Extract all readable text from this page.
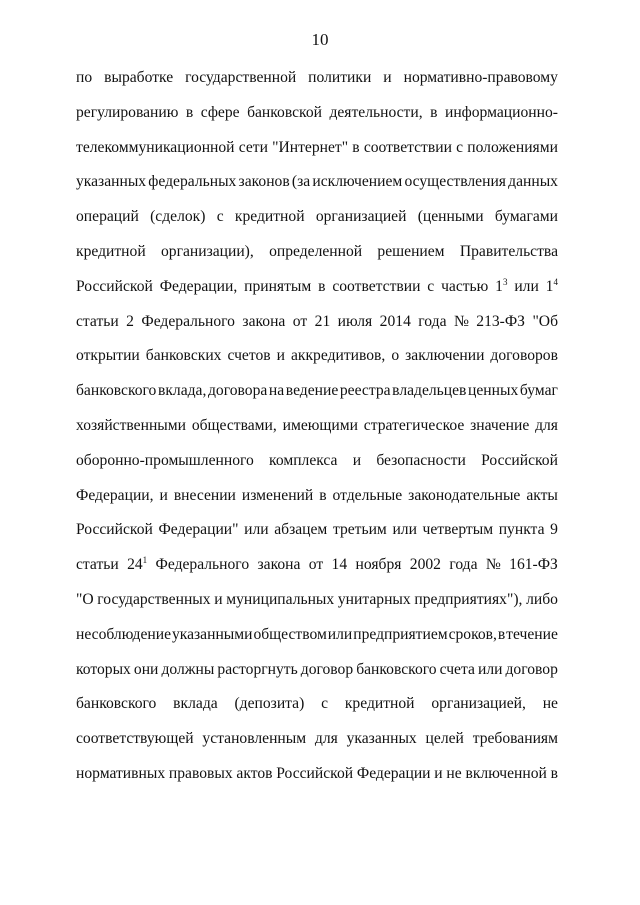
10
по выработке государственной политики и нормативно-правовому
регулированию в сфере банковской деятельности, в информационно-
телекоммуникационной сети "Интернет" в соответствии с положениями
указанных федеральных законов (за исключением осуществления данных
операций (сделок) с кредитной организацией (ценными бумагами
кредитной организации), определенной решением Правительства
Российской Федерации, принятым в соответствии с частью $1^3$ или $1^4$
статьи 2 Федерального закона от 21 июля 2014 года № 213-ФЗ "Об
открытии банковских счетов и аккредитивов, о заключении договоров
банковского вклада, договора на ведение реестра владельцев ценных бумаг
хозяйственными обществами, имеющими стратегическое значение для
оборонно-промышленного комплекса и безопасности Российской
Федерации, и внесении изменений в отдельные законодательные акты
Российской Федерации" или абзацем третьим или четвертым пункта 9
статьи $24^1$ Федерального закона от 14 ноября 2002 года № 161-ФЗ
"О государственных и муниципальных унитарных предприятиях"), либо
несоблюдение указанными обществом или предприятием сроков, в течение
которых они должны расторгнуть договор банковского счета или договор
банковского вклада (депозита) с кредитной организацией, не
соответствующей установленным для указанных целей требованиям
нормативных правовых актов Российской Федерации и не включенной в
